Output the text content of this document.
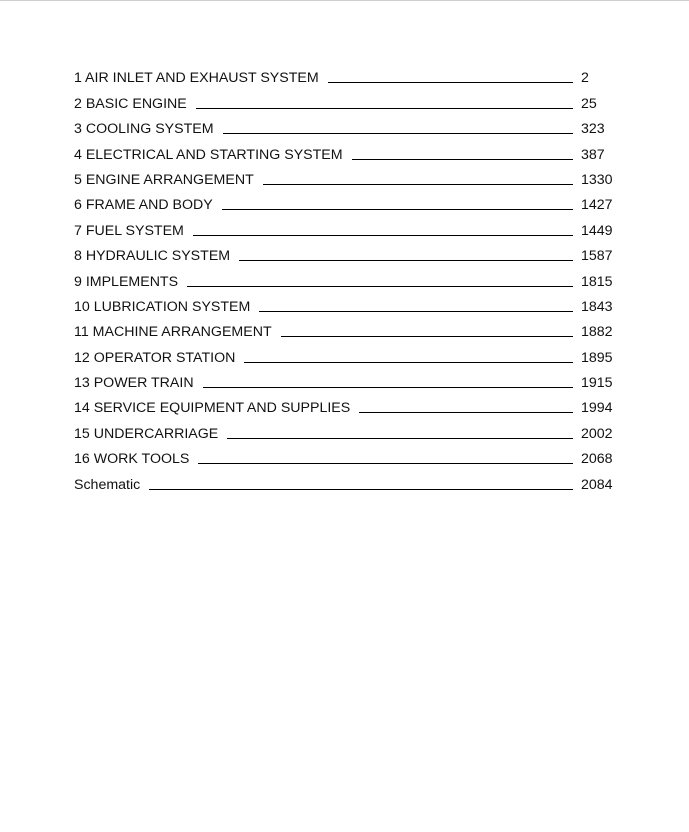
1 AIR INLET AND EXHAUST SYSTEM	2
2 BASIC ENGINE	25
3 COOLING SYSTEM	323
4 ELECTRICAL AND STARTING SYSTEM	387
5 ENGINE ARRANGEMENT	1330
6 FRAME AND BODY	1427
7 FUEL SYSTEM	1449
8 HYDRAULIC SYSTEM	1587
9 IMPLEMENTS	1815
10 LUBRICATION SYSTEM	1843
11 MACHINE ARRANGEMENT	1882
12 OPERATOR STATION	1895
13 POWER TRAIN	1915
14 SERVICE EQUIPMENT AND SUPPLIES	1994
15 UNDERCARRIAGE	2002
16 WORK TOOLS	2068
Schematic	2084
